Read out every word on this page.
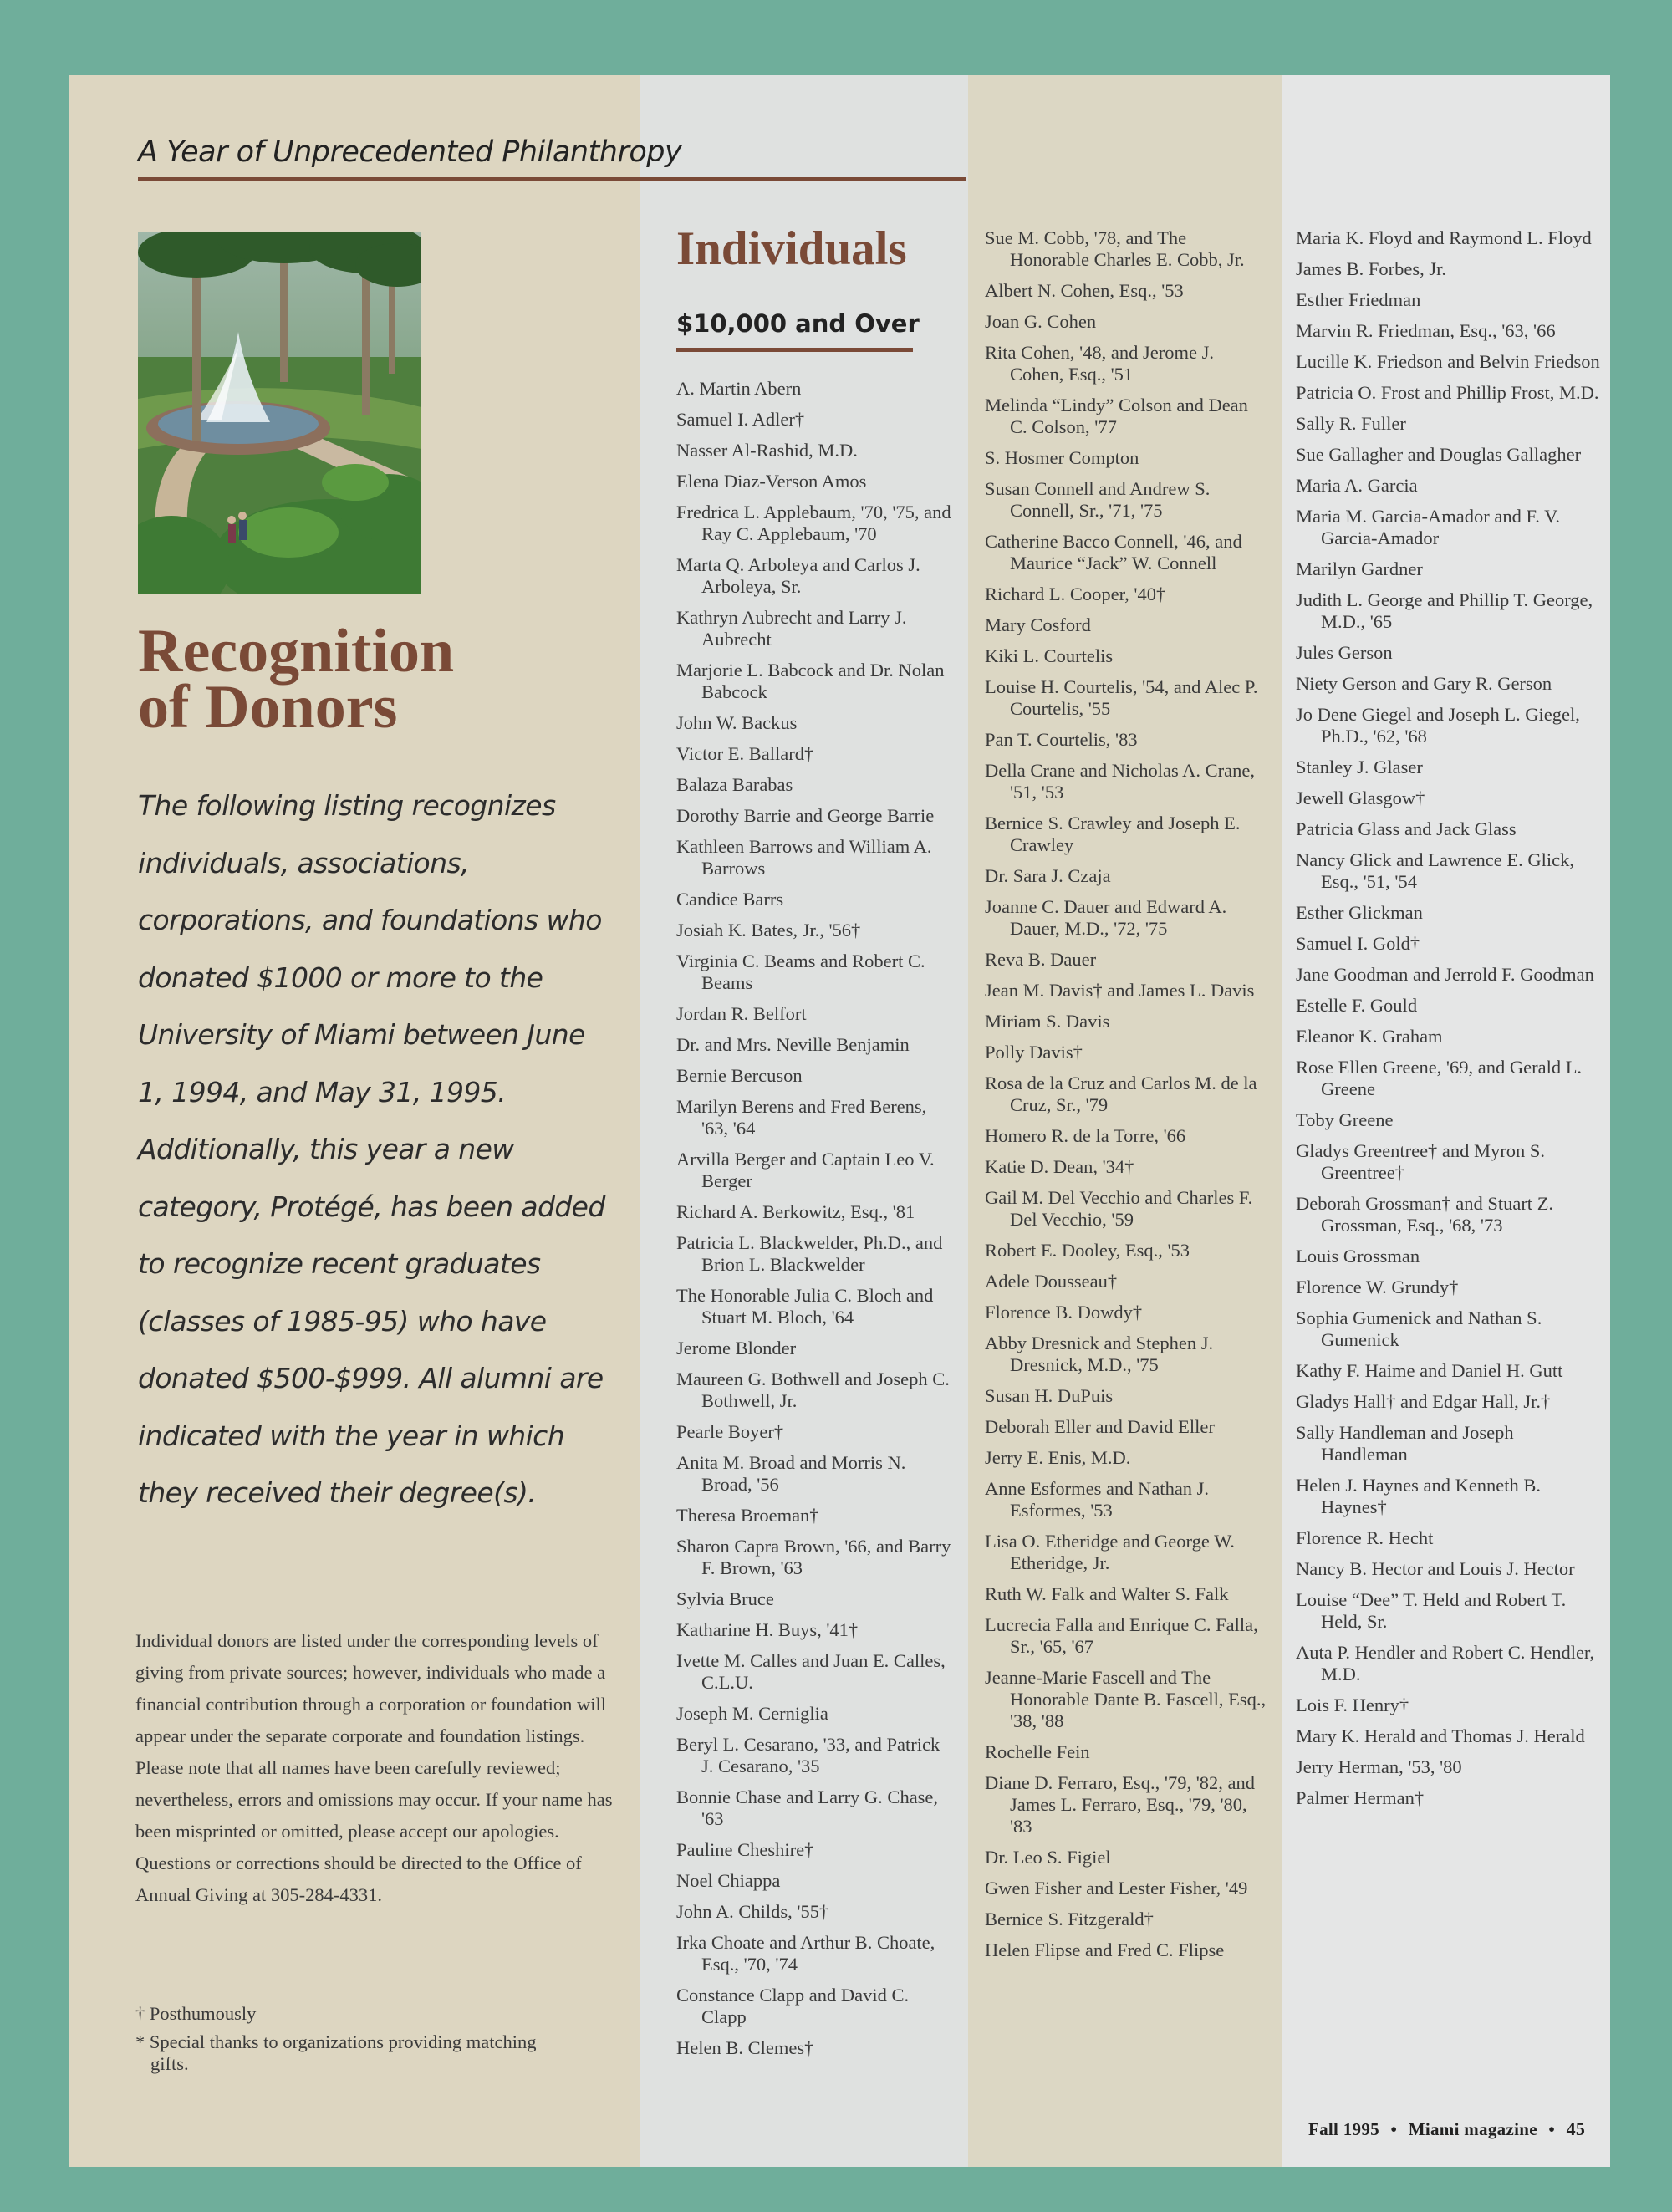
A Year of Unprecedented Philanthropy
Recognition
of Donors
The following listing recognizes individuals, associations, corporations, and foundations who donated $1000 or more to the University of Miami between June 1, 1994, and May 31, 1995. Additionally, this year a new category, Protégé, has been added to recognize recent graduates (classes of 1985-95) who have donated $500-$999. All alumni are indicated with the year in which they received their degree(s).
Individual donors are listed under the corresponding levels of giving from private sources; however, individuals who made a financial contribution through a corporation or foundation will appear under the separate corporate and foundation listings. Please note that all names have been carefully reviewed; nevertheless, errors and omissions may occur. If your name has been misprinted or omitted, please accept our apologies. Questions or corrections should be directed to the Office of Annual Giving at 305-284-4331.
† Posthumously
* Special thanks to organizations providing matching gifts.
Individuals
$10,000 and Over
A. Martin Abern
Samuel I. Adler†
Nasser Al-Rashid, M.D.
Elena Diaz-Verson Amos
Fredrica L. Applebaum, '70, '75, and Ray C. Applebaum, '70
Marta Q. Arboleya and Carlos J. Arboleya, Sr.
Kathryn Aubrecht and Larry J. Aubrecht
Marjorie L. Babcock and Dr. Nolan Babcock
John W. Backus
Victor E. Ballard†
Balaza Barabas
Dorothy Barrie and George Barrie
Kathleen Barrows and William A. Barrows
Candice Barrs
Josiah K. Bates, Jr., '56†
Virginia C. Beams and Robert C. Beams
Jordan R. Belfort
Dr. and Mrs. Neville Benjamin
Bernie Bercuson
Marilyn Berens and Fred Berens, '63, '64
Arvilla Berger and Captain Leo V. Berger
Richard A. Berkowitz, Esq., '81
Patricia L. Blackwelder, Ph.D., and Brion L. Blackwelder
The Honorable Julia C. Bloch and Stuart M. Bloch, '64
Jerome Blonder
Maureen G. Bothwell and Joseph C. Bothwell, Jr.
Pearle Boyer†
Anita M. Broad and Morris N. Broad, '56
Theresa Broeman†
Sharon Capra Brown, '66, and Barry F. Brown, '63
Sylvia Bruce
Katharine H. Buys, '41†
Ivette M. Calles and Juan E. Calles, C.L.U.
Joseph M. Cerniglia
Beryl L. Cesarano, '33, and Patrick J. Cesarano, '35
Bonnie Chase and Larry G. Chase, '63
Pauline Cheshire†
Noel Chiappa
John A. Childs, '55†
Irka Choate and Arthur B. Choate, Esq., '70, '74
Constance Clapp and David C. Clapp
Helen B. Clemes†
Sue M. Cobb, '78, and The Honorable Charles E. Cobb, Jr.
Albert N. Cohen, Esq., '53
Joan G. Cohen
Rita Cohen, '48, and Jerome J. Cohen, Esq., '51
Melinda “Lindy” Colson and Dean C. Colson, '77
S. Hosmer Compton
Susan Connell and Andrew S. Connell, Sr., '71, '75
Catherine Bacco Connell, '46, and Maurice “Jack” W. Connell
Richard L. Cooper, '40†
Mary Cosford
Kiki L. Courtelis
Louise H. Courtelis, '54, and Alec P. Courtelis, '55
Pan T. Courtelis, '83
Della Crane and Nicholas A. Crane, '51, '53
Bernice S. Crawley and Joseph E. Crawley
Dr. Sara J. Czaja
Joanne C. Dauer and Edward A. Dauer, M.D., '72, '75
Reva B. Dauer
Jean M. Davis† and James L. Davis
Miriam S. Davis
Polly Davis†
Rosa de la Cruz and Carlos M. de la Cruz, Sr., '79
Homero R. de la Torre, '66
Katie D. Dean, '34†
Gail M. Del Vecchio and Charles F. Del Vecchio, '59
Robert E. Dooley, Esq., '53
Adele Dousseau†
Florence B. Dowdy†
Abby Dresnick and Stephen J. Dresnick, M.D., '75
Susan H. DuPuis
Deborah Eller and David Eller
Jerry E. Enis, M.D.
Anne Esformes and Nathan J. Esformes, '53
Lisa O. Etheridge and George W. Etheridge, Jr.
Ruth W. Falk and Walter S. Falk
Lucrecia Falla and Enrique C. Falla, Sr., '65, '67
Jeanne-Marie Fascell and The Honorable Dante B. Fascell, Esq., '38, '88
Rochelle Fein
Diane D. Ferraro, Esq., '79, '82, and James L. Ferraro, Esq., '79, '80, '83
Dr. Leo S. Figiel
Gwen Fisher and Lester Fisher, '49
Bernice S. Fitzgerald†
Helen Flipse and Fred C. Flipse
Maria K. Floyd and Raymond L. Floyd
James B. Forbes, Jr.
Esther Friedman
Marvin R. Friedman, Esq., '63, '66
Lucille K. Friedson and Belvin Friedson
Patricia O. Frost and Phillip Frost, M.D.
Sally R. Fuller
Sue Gallagher and Douglas Gallagher
Maria A. Garcia
Maria M. Garcia-Amador and F. V. Garcia-Amador
Marilyn Gardner
Judith L. George and Phillip T. George, M.D., '65
Jules Gerson
Niety Gerson and Gary R. Gerson
Jo Dene Giegel and Joseph L. Giegel, Ph.D., '62, '68
Stanley J. Glaser
Jewell Glasgow†
Patricia Glass and Jack Glass
Nancy Glick and Lawrence E. Glick, Esq., '51, '54
Esther Glickman
Samuel I. Gold†
Jane Goodman and Jerrold F. Goodman
Estelle F. Gould
Eleanor K. Graham
Rose Ellen Greene, '69, and Gerald L. Greene
Toby Greene
Gladys Greentree† and Myron S. Greentree†
Deborah Grossman† and Stuart Z. Grossman, Esq., '68, '73
Louis Grossman
Florence W. Grundy†
Sophia Gumenick and Nathan S. Gumenick
Kathy F. Haime and Daniel H. Gutt
Gladys Hall† and Edgar Hall, Jr.†
Sally Handleman and Joseph Handleman
Helen J. Haynes and Kenneth B. Haynes†
Florence R. Hecht
Nancy B. Hector and Louis J. Hector
Louise “Dee” T. Held and Robert T. Held, Sr.
Auta P. Hendler and Robert C. Hendler, M.D.
Lois F. Henry†
Mary K. Herald and Thomas J. Herald
Jerry Herman, '53, '80
Palmer Herman†
Fall 1995 • Miami magazine • 45
